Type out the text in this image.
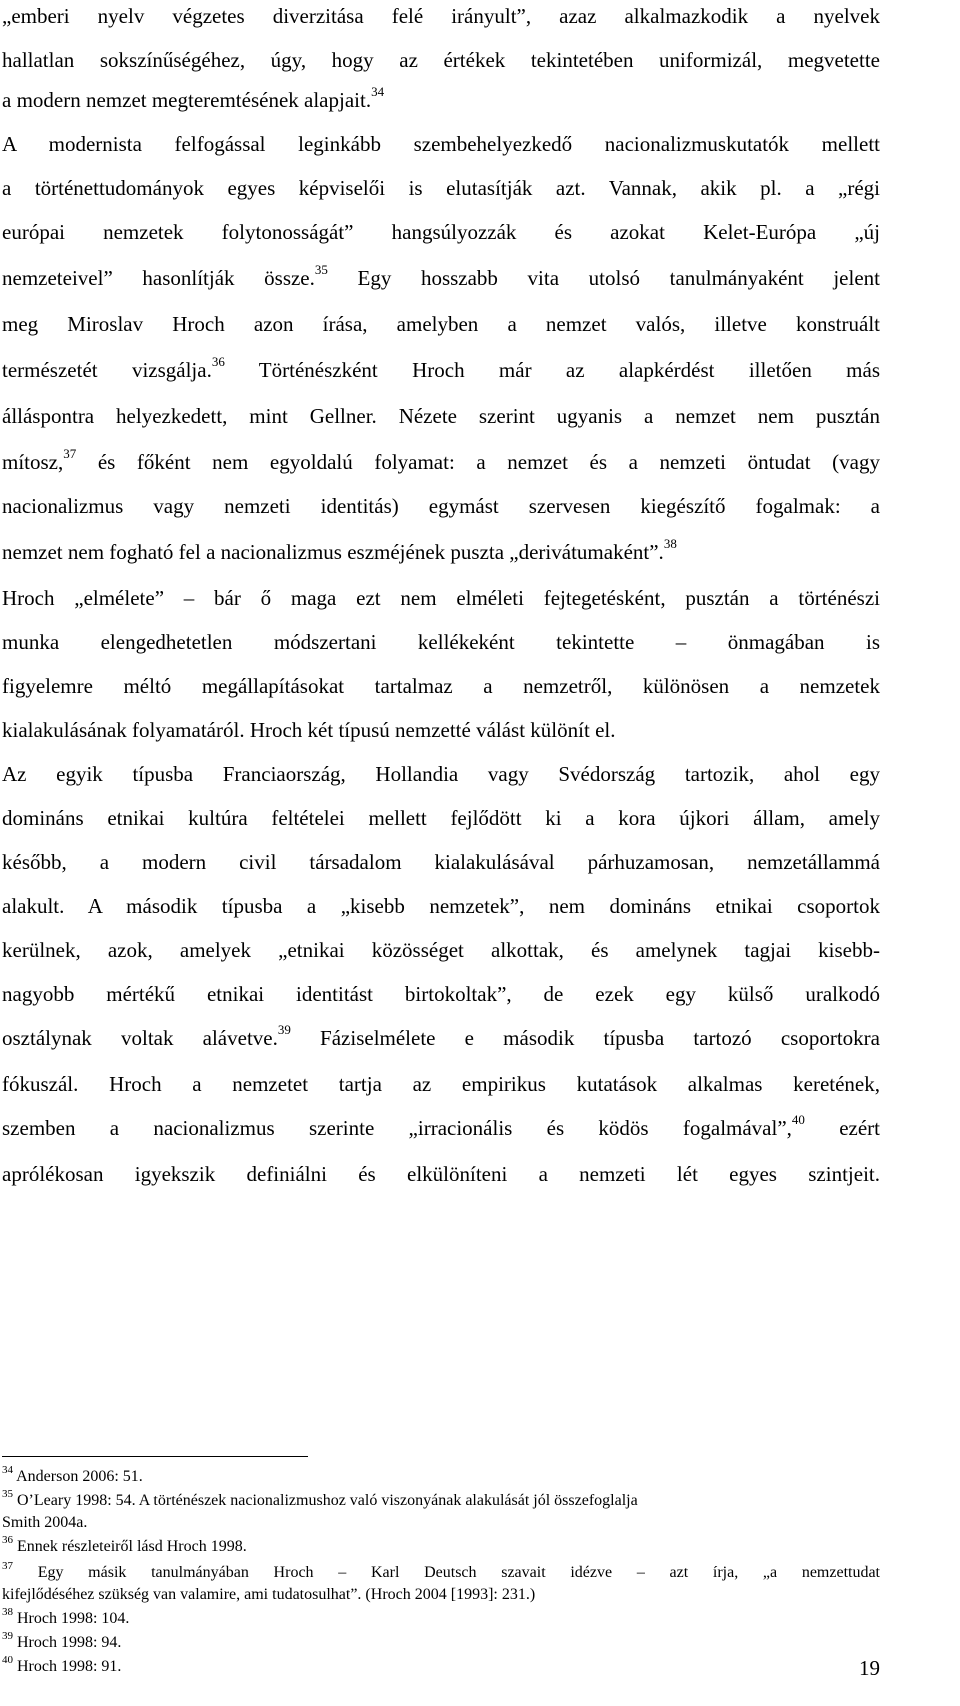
„emberi nyelv végzetes diverzitása felé irányult”, azaz alkalmazkodik a nyelvek

hallatlan sokszínűségéhez, úgy, hogy az értékek tekintetében uniformizál, megvetette

a modern nemzet megteremtésének alapjait.$^{34}$

A modernista felfogással leginkább szembehelyezkedő nacionalizmuskutatók mellett

a történettudományok egyes képviselői is elutasítják azt. Vannak, akik pl. a „régi

európai nemzetek folytonosságát” hangsúlyozzák és azokat Kelet-Európa „új

nemzeteivel” hasonlítják össze.$^{35}$ Egy hosszabb vita utolsó tanulmányaként jelent

meg Miroslav Hroch azon írása, amelyben a nemzet valós, illetve konstruált

természetét vizsgálja.$^{36}$ Történészként Hroch már az alapkérdést illetően más

álláspontra helyezkedett, mint Gellner. Nézete szerint ugyanis a nemzet nem pusztán

mítosz,$^{37}$ és főként nem egyoldalú folyamat: a nemzet és a nemzeti öntudat (vagy

nacionalizmus vagy nemzeti identitás) egymást szervesen kiegészítő fogalmak: a

nemzet nem fogható fel a nacionalizmus eszméjének puszta „derivátumaként”.$^{38}$

Hroch „elmélete” – bár ő maga ezt nem elméleti fejtegetésként, pusztán a történészi

munka elengedhetetlen módszertani kellékeként tekintette – önmagában is

figyelemre méltó megállapításokat tartalmaz a nemzetről, különösen a nemzetek

kialakulásának folyamatáról. Hroch két típusú nemzetté válást különít el.

Az egyik típusba Franciaország, Hollandia vagy Svédország tartozik, ahol egy

domináns etnikai kultúra feltételei mellett fejlődött ki a kora újkori állam, amely

később, a modern civil társadalom kialakulásával párhuzamosan, nemzetállammá

alakult. A második típusba a „kisebb nemzetek”, nem domináns etnikai csoportok

kerülnek, azok, amelyek „etnikai közösséget alkottak, és amelynek tagjai kisebb-

nagyobb mértékű etnikai identitást birtokoltak”, de ezek egy külső uralkodó

osztálynak voltak alávetve.$^{39}$ Fáziselmélete e második típusba tartozó csoportokra

fókuszál. Hroch a nemzetet tartja az empirikus kutatások alkalmas keretének,

szemben a nacionalizmus szerinte „irracionális és ködös fogalmával”,$^{40}$ ezért

aprólékosan igyekszik definiálni és elkülöníteni a nemzeti lét egyes szintjeit.

$^{34}$ Anderson 2006: 51.

$^{35}$ O’Leary 1998: 54. A történészek nacionalizmushoz való viszonyának alakulását jól összefoglalja

Smith 2004a.

$^{36}$ Ennek részleteiről lásd Hroch 1998.

$^{37}$ Egy másik tanulmányában Hroch – Karl Deutsch szavait idézve – azt írja, „a nemzettudat

kifejlődéséhez szükség van valamire, ami tudatosulhat”. (Hroch 2004 [1993]: 231.)

$^{38}$ Hroch 1998: 104.

$^{39}$ Hroch 1998: 94.

$^{40}$ Hroch 1998: 91.	19
